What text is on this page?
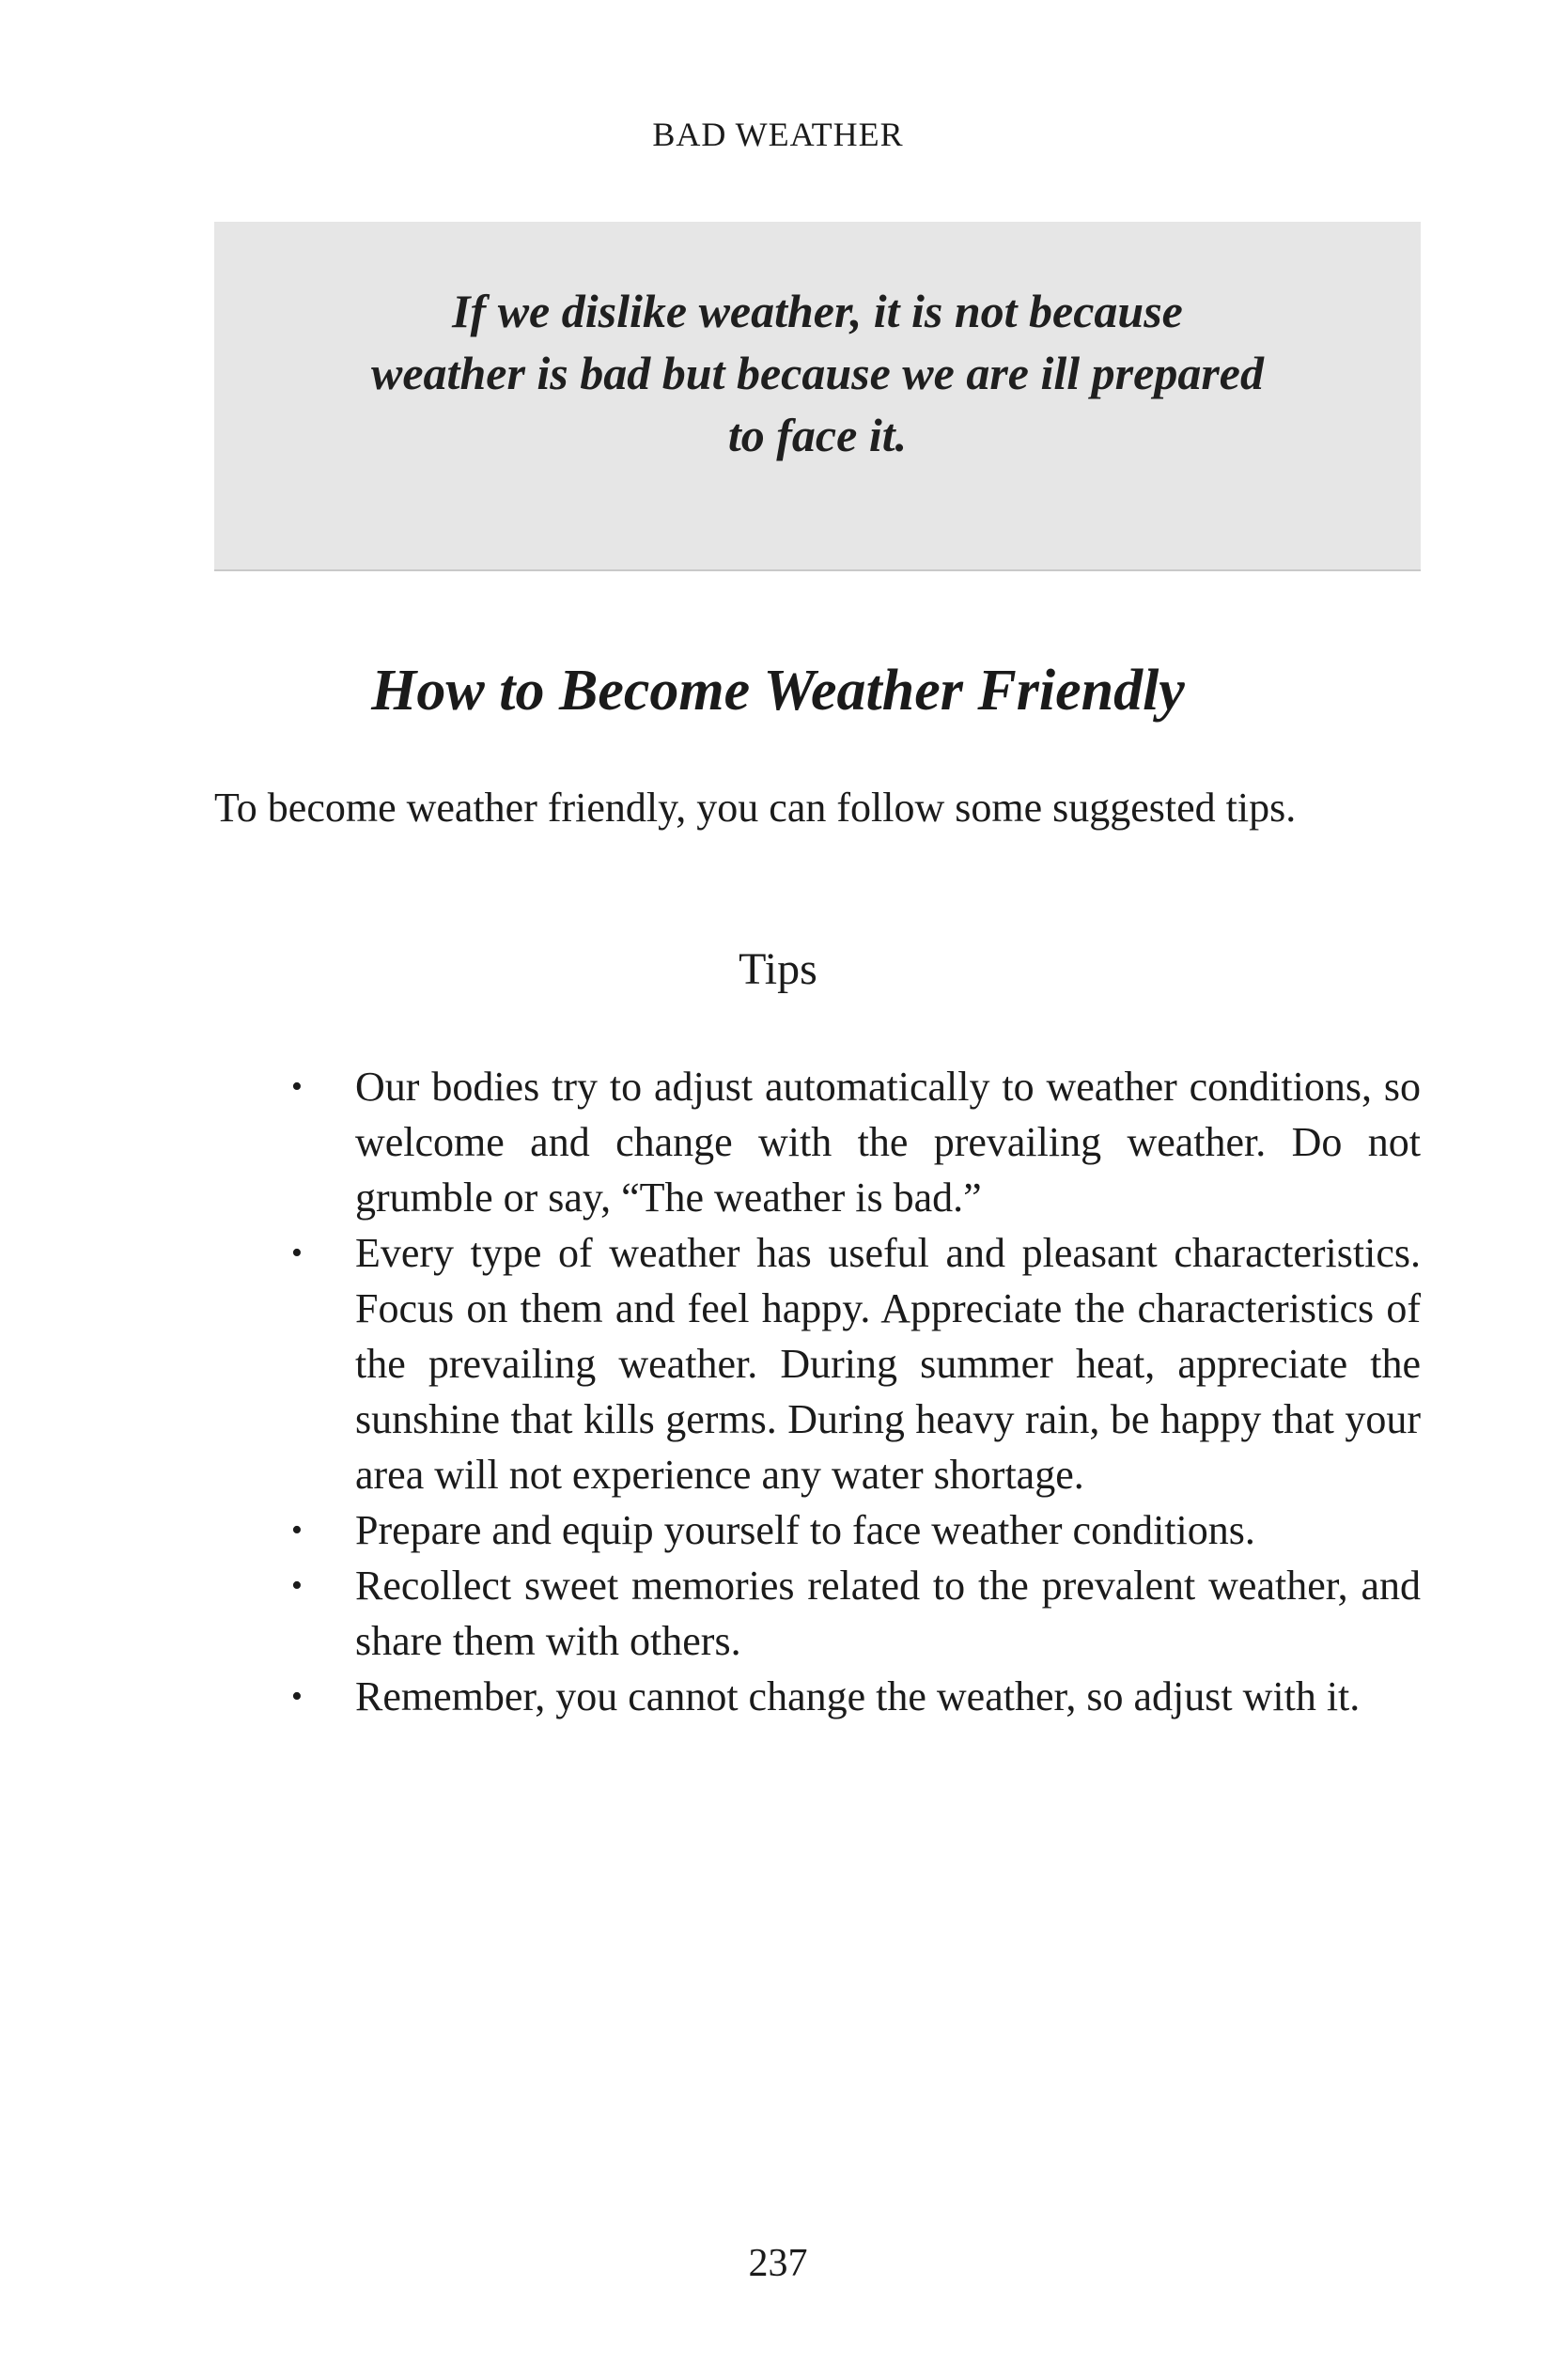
BAD WEATHER
If we dislike weather, it is not because
weather is bad but because we are ill prepared
to face it.
How to Become Weather Friendly
To become weather friendly, you can follow some suggested tips.
Tips
• Our bodies try to adjust automatically to weather conditions, so welcome and change with the prevailing weather. Do not grumble or say, “The weather is bad.”
• Every type of weather has useful and pleasant characteristics. Focus on them and feel happy. Appreciate the characteristics of the prevailing weather. During summer heat, appreciate the sunshine that kills germs. During heavy rain, be happy that your area will not experience any water shortage.
• Prepare and equip yourself to face weather conditions.
• Recollect sweet memories related to the prevalent weather, and share them with others.
• Remember, you cannot change the weather, so adjust with it.
237
